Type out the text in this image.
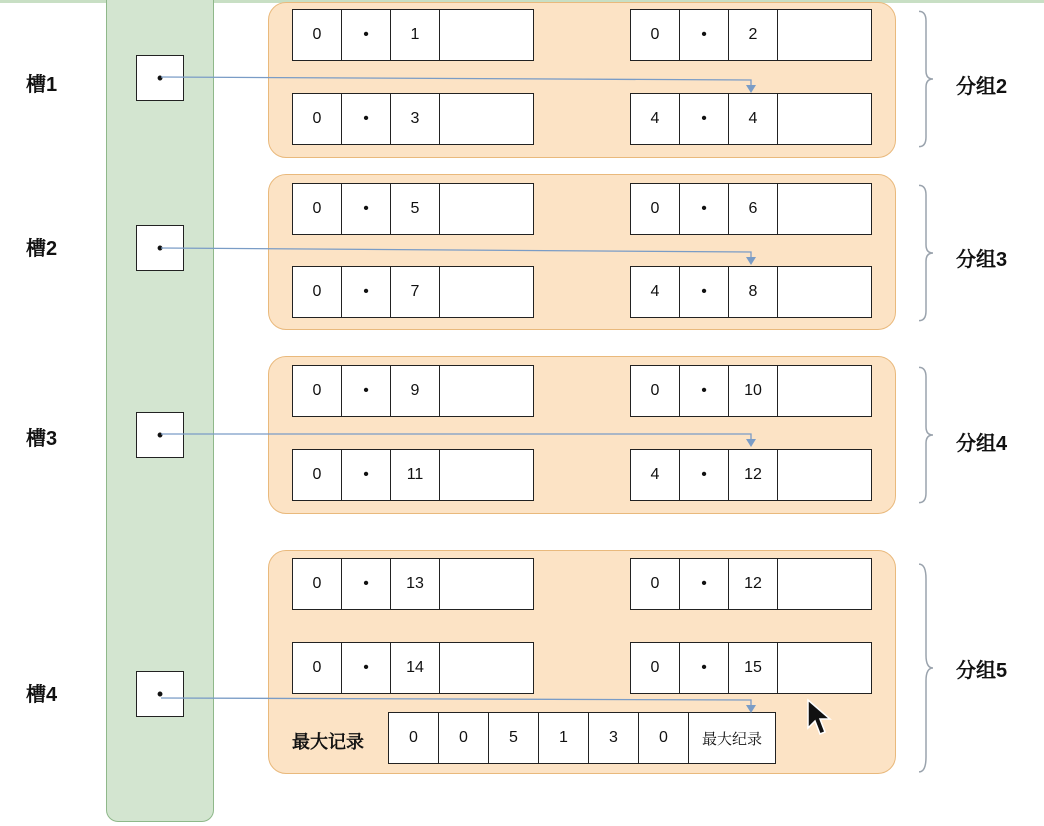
槽1
槽2
槽3
槽4
•
•
•
•
0	•	1	0	•	2
0	•	3	4	•	4
0	•	5	0	•	6
0	•	7	4	•	8
0	•	9	0	•	10
0	•	11	4	•	12
0	•	13	0	•	12
0	•	14	0	•	15
最大记录	0	0	5	1	3	0	最大纪录
分组2
分组3
分组4
分组5
